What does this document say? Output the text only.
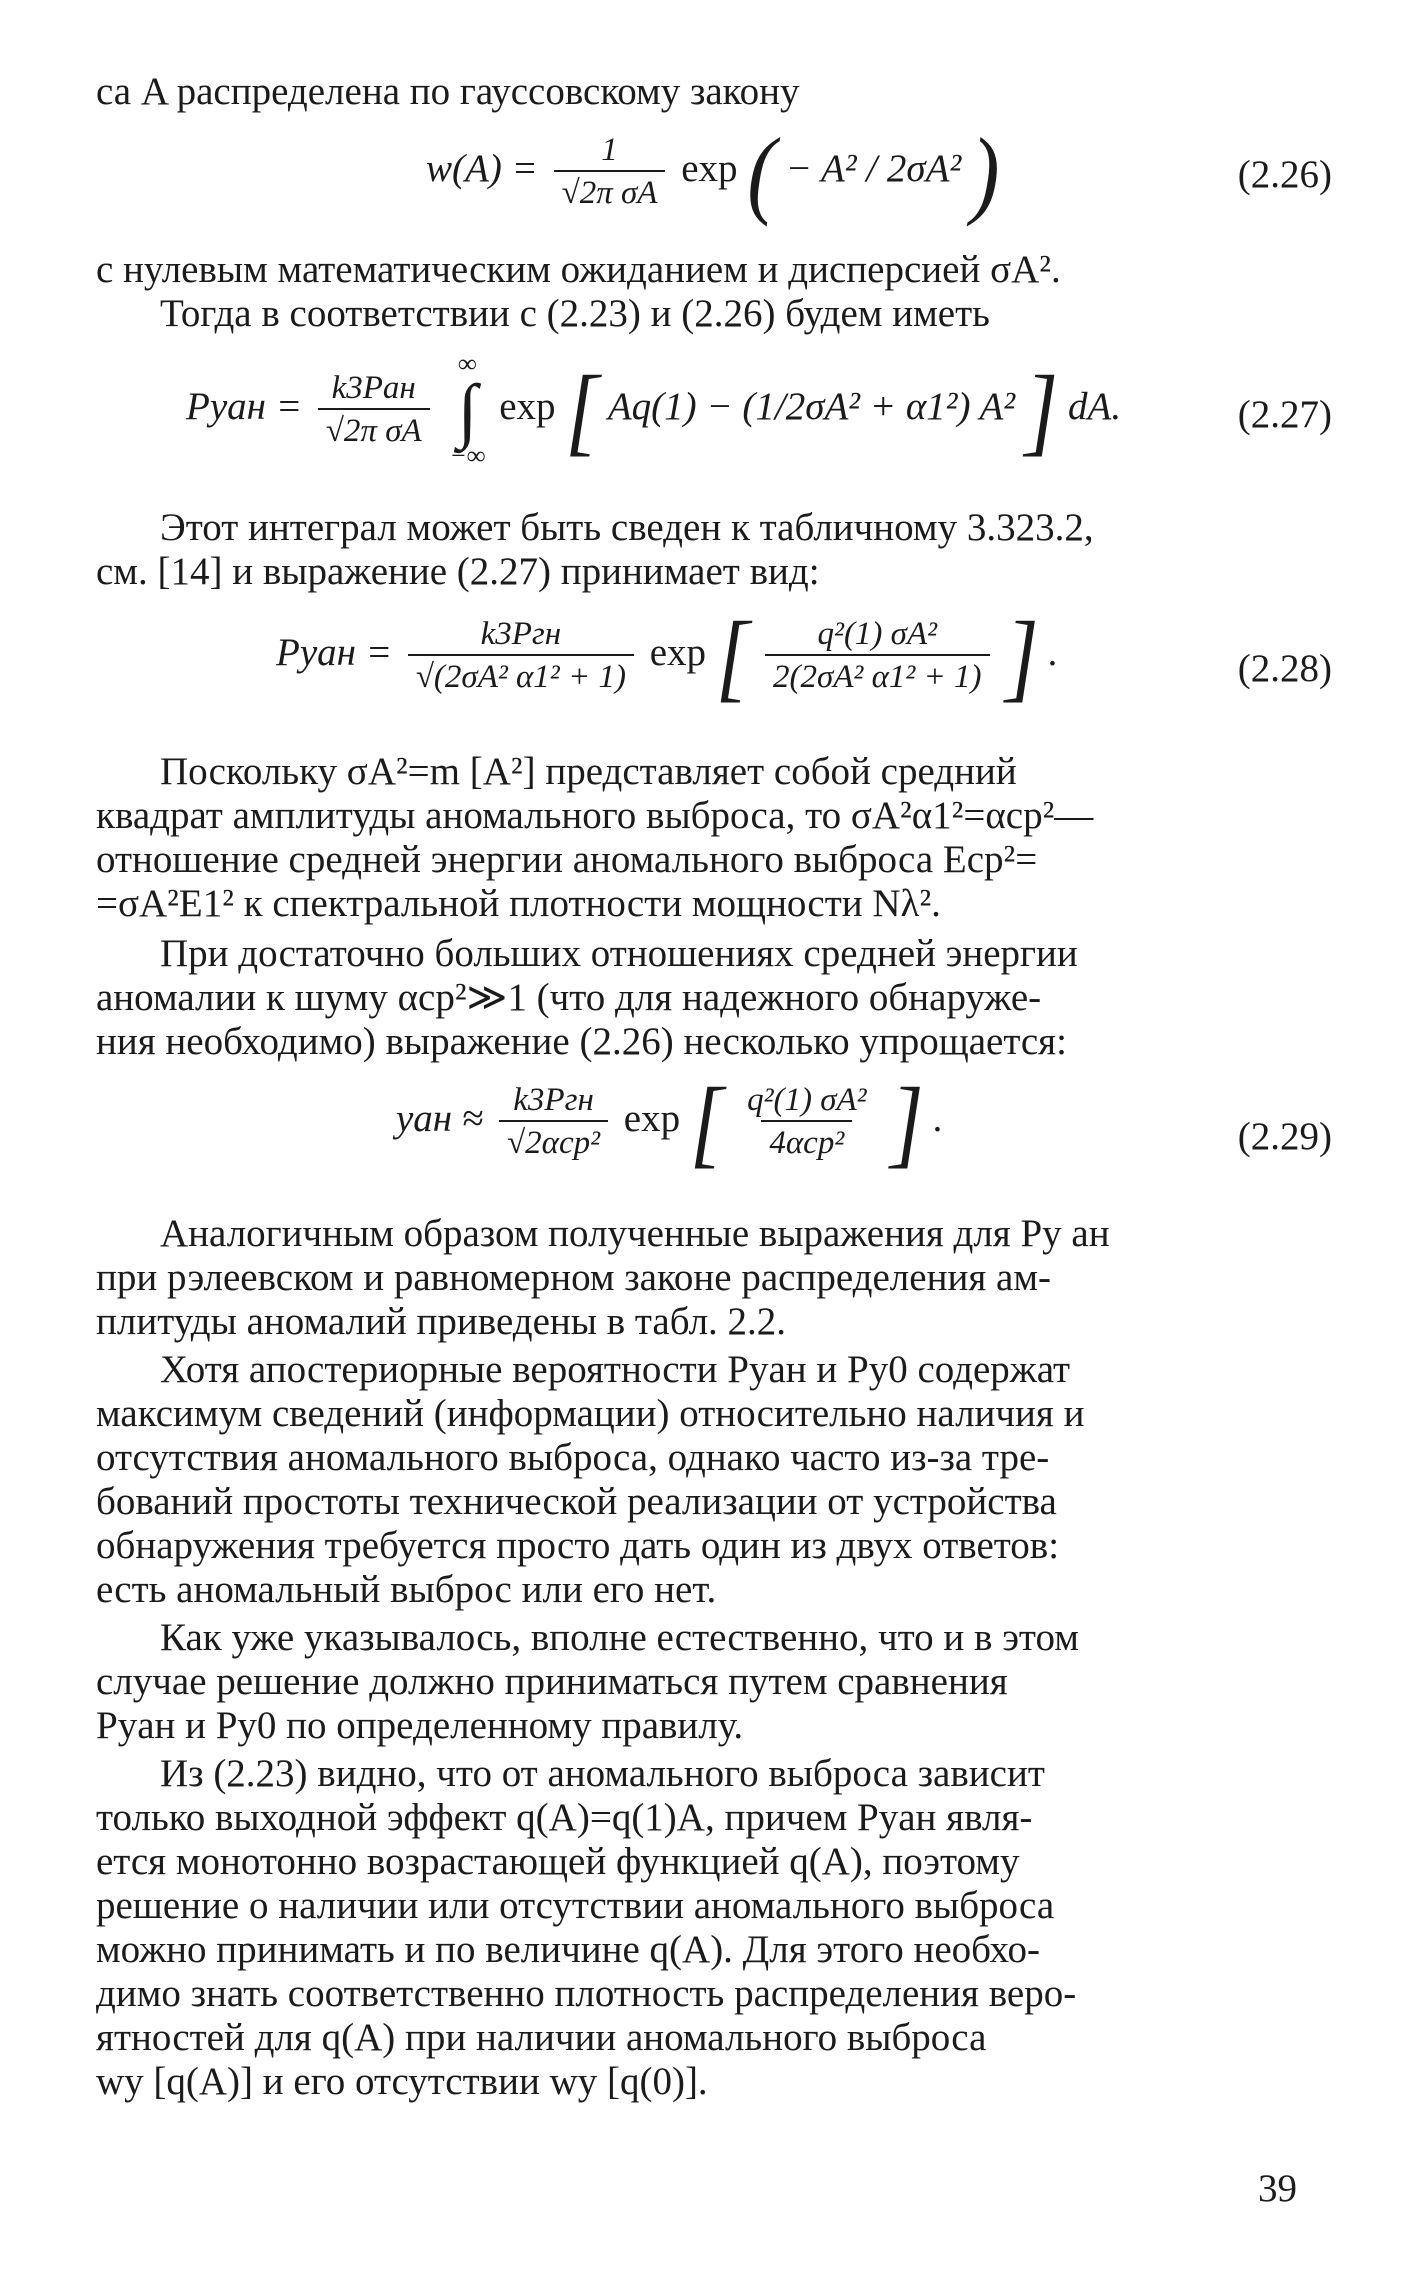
са A распределена по гауссовскому закону

$w(A) = \frac{1}{\text{√2π σA}}$ exp ( − A² / 2σA² )	(2.26)

с нулевым математическим ожиданием и дисперсией σA².

Тогда в соответствии с (2.23) и (2.26) будем иметь

Pyан = $\frac{\text{k3Pан}}{\text{√2π σA}}$

∞
∫
−∞
exp [ Aq(1) − (1/2σA² + α1²) A² ] dA.	(2.27)

Этот интеграл может быть сведен к табличному 3.323.2,

см. [14] и выражение (2.27) принимает вид:

Pyан = $\frac{\text{k3Pгн}}{\text{√(2σA² α1² + 1)}}$ exp [ $\frac{\text{q²(1) σA²}}{\text{2(2σA² α1² + 1)}}$ ] .	(2.28)

Поскольку σA²=m [A²] представляет собой средний

квадрат амплитуды аномального выброса, то σA²α1²=αср²—

отношение средней энергии аномального выброса Eср²=

=σA²E1² к спектральной плотности мощности Nλ².

При достаточно больших отношениях средней энергии

аномалии к шуму αср²≫1 (что для надежного обнаруже-

ния необходимо) выражение (2.26) несколько упрощается:

yан ≈ $\frac{\text{k3Pгн}}{\text{√2αср²}}$ exp [ $\frac{\text{q²(1) σA²}}{\text{4αср²}}$ ] .	(2.29)

Аналогичным образом полученные выражения для Py ан

при рэлеевском и равномерном законе распределения ам-

плитуды аномалий приведены в табл. 2.2.

Хотя апостериорные вероятности Pyан и Py0 содержат

максимум сведений (информации) относительно наличия и

отсутствия аномального выброса, однако часто из-за тре-

бований простоты технической реализации от устройства

обнаружения требуется просто дать один из двух ответов:

есть аномальный выброс или его нет.

Как уже указывалось, вполне естественно, что и в этом

случае решение должно приниматься путем сравнения

Pyан и Py0 по определенному правилу.

Из (2.23) видно, что от аномального выброса зависит

только выходной эффект q(A)=q(1)A, причем Pyан явля-

ется монотонно возрастающей функцией q(A), поэтому

решение о наличии или отсутствии аномального выброса

можно принимать и по величине q(A). Для этого необхо-

димо знать соответственно плотность распределения веро-

ятностей для q(A) при наличии аномального выброса

wy [q(A)] и его отсутствии wy [q(0)].

39
